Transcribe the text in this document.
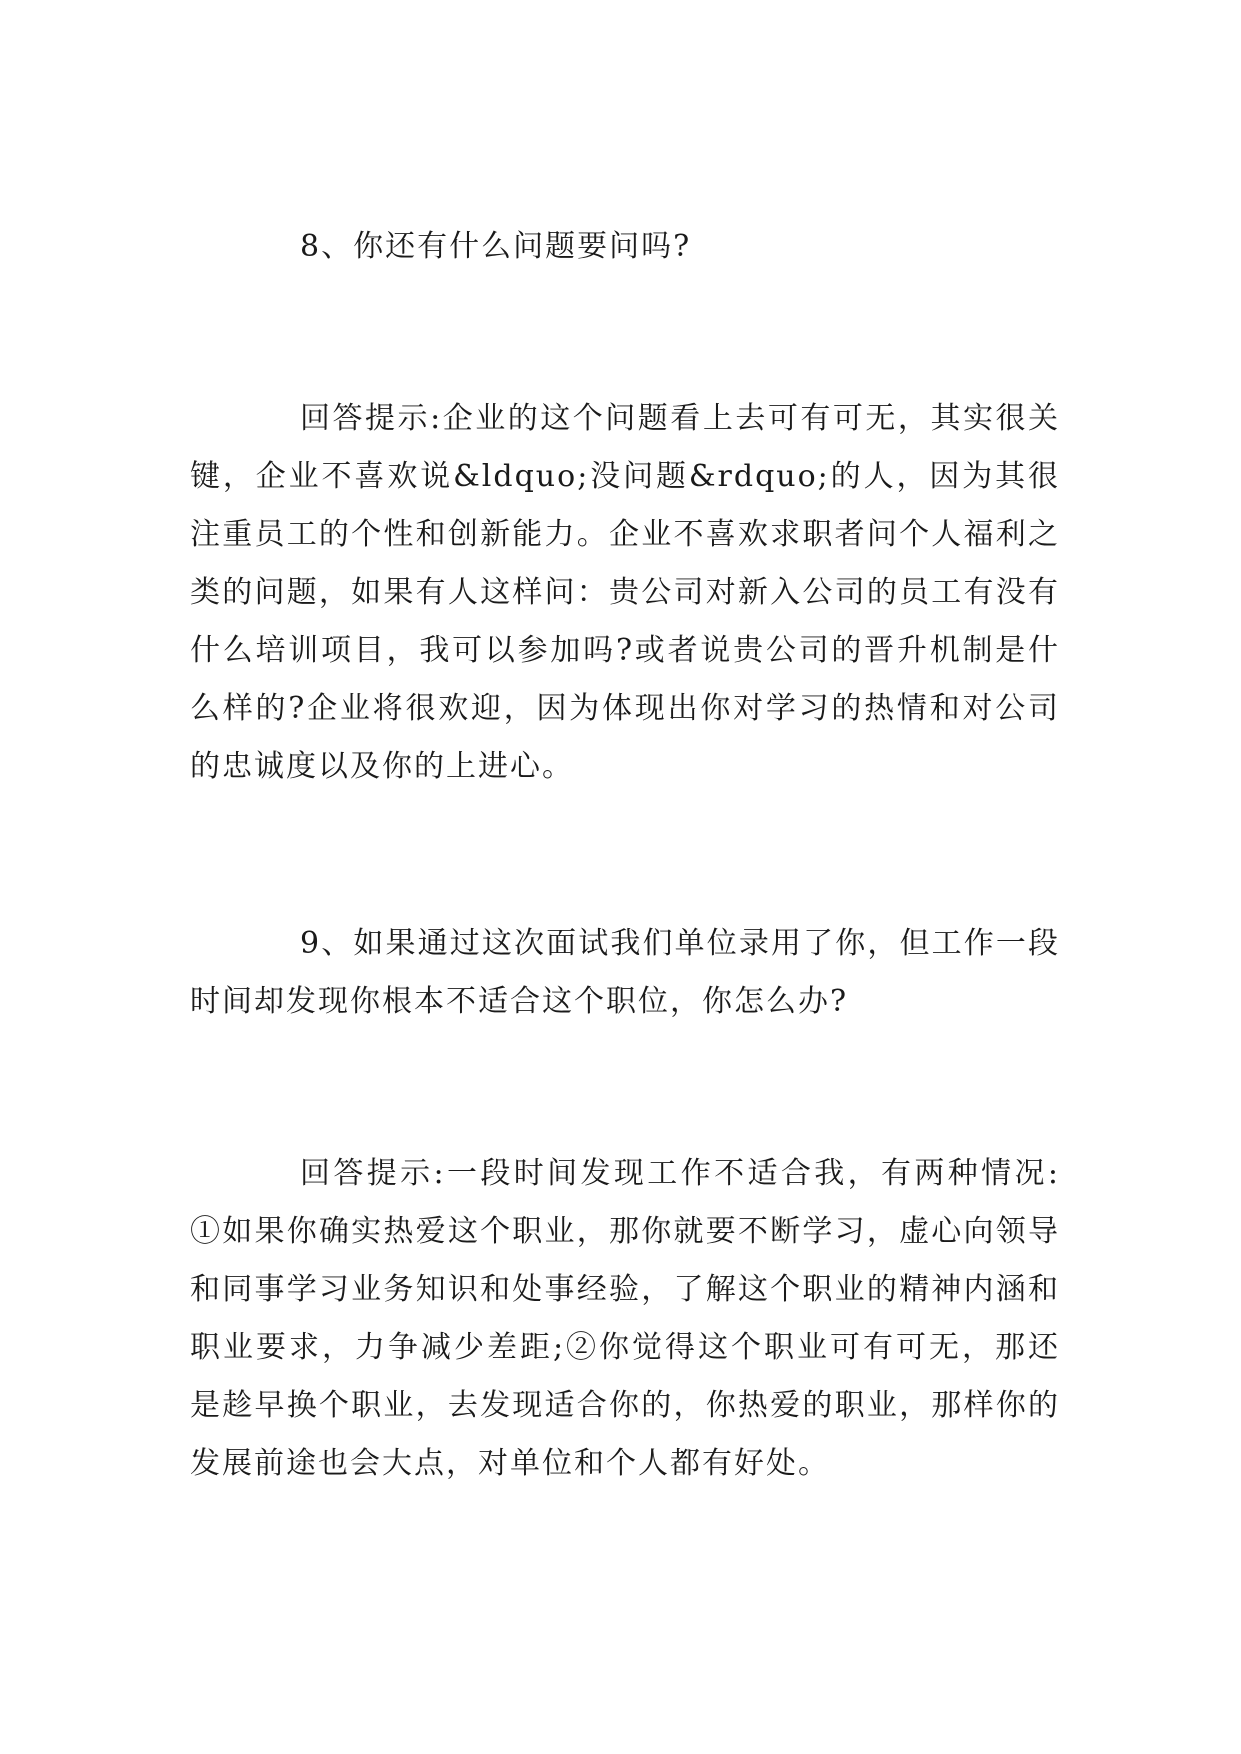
8、你还有什么问题要问吗?

回答提示:企业的这个问题看上去可有可无，其实很关键，企业不喜欢说&ldquo;没问题&rdquo;的人，因为其很注重员工的个性和创新能力。企业不喜欢求职者问个人福利之类的问题，如果有人这样问：贵公司对新入公司的员工有没有什么培训项目，我可以参加吗?或者说贵公司的晋升机制是什么样的?企业将很欢迎，因为体现出你对学习的热情和对公司的忠诚度以及你的上进心。

9、如果通过这次面试我们单位录用了你，但工作一段时间却发现你根本不适合这个职位，你怎么办?

回答提示:一段时间发现工作不适合我，有两种情况:①如果你确实热爱这个职业，那你就要不断学习，虚心向领导和同事学习业务知识和处事经验，了解这个职业的精神内涵和职业要求，力争减少差距;②你觉得这个职业可有可无，那还是趁早换个职业，去发现适合你的，你热爱的职业，那样你的发展前途也会大点，对单位和个人都有好处。
